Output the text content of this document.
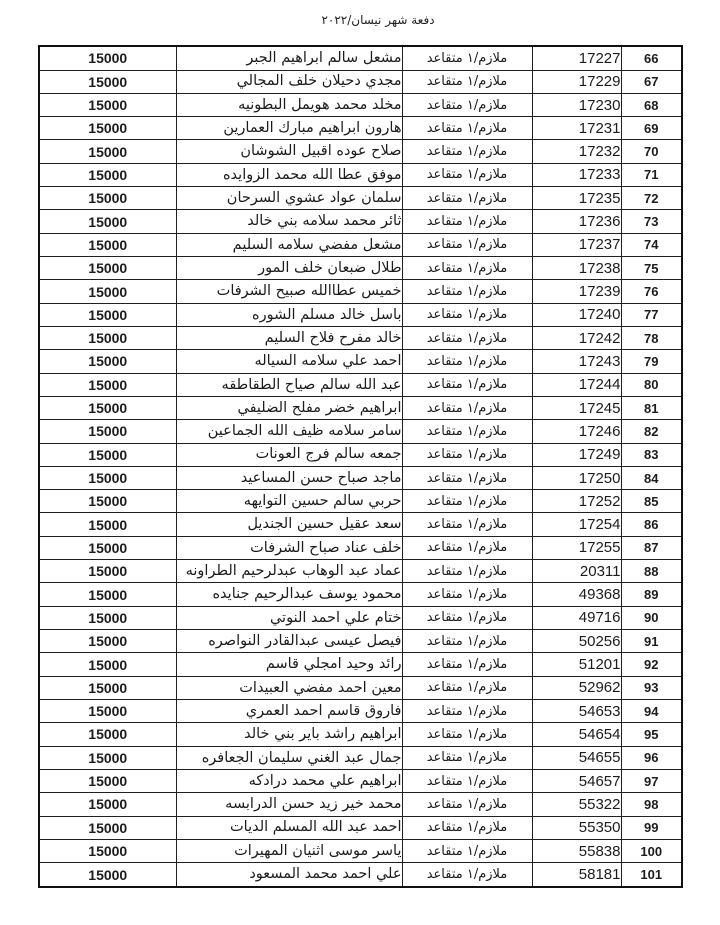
دفعة شهر نيسان/٢٠٢٢
15000	مشعل سالم ابراهيم الجبر	ملازم/١ متقاعد	17227	66
15000	مجدي دحيلان خلف المجالي	ملازم/١ متقاعد	17229	67
15000	مخلد محمد هويمل البطونيه	ملازم/١ متقاعد	17230	68
15000	هارون ابراهيم مبارك العمارين	ملازم/١ متقاعد	17231	69
15000	صلاح عوده اقبيل الشوشان	ملازم/١ متقاعد	17232	70
15000	موفق عطا الله محمد الزوايده	ملازم/١ متقاعد	17233	71
15000	سلمان عواد عشوي السرحان	ملازم/١ متقاعد	17235	72
15000	ثائر محمد سلامه بني خالد	ملازم/١ متقاعد	17236	73
15000	مشعل مفضي سلامه السليم	ملازم/١ متقاعد	17237	74
15000	طلال ضبعان خلف المور	ملازم/١ متقاعد	17238	75
15000	خميس عطاالله صبيح الشرفات	ملازم/١ متقاعد	17239	76
15000	باسل خالد مسلم الشوره	ملازم/١ متقاعد	17240	77
15000	خالد مفرح فلاح السليم	ملازم/١ متقاعد	17242	78
15000	احمد علي سلامه السياله	ملازم/١ متقاعد	17243	79
15000	عبد الله سالم صياح الطقاطقه	ملازم/١ متقاعد	17244	80
15000	ابراهيم خضر مفلح الضليفي	ملازم/١ متقاعد	17245	81
15000	سامر سلامه ظيف الله الجماعين	ملازم/١ متقاعد	17246	82
15000	جمعه سالم فرج العونات	ملازم/١ متقاعد	17249	83
15000	ماجد صباح حسن المساعيد	ملازم/١ متقاعد	17250	84
15000	حربي سالم حسين التوايهه	ملازم/١ متقاعد	17252	85
15000	سعد عقيل حسين الجنديل	ملازم/١ متقاعد	17254	86
15000	خلف عناد صباح الشرفات	ملازم/١ متقاعد	17255	87
15000	عماد عبد الوهاب عبدلرحيم الطراونه	ملازم/١ متقاعد	20311	88
15000	محمود يوسف عبدالرحيم جنايده	ملازم/١ متقاعد	49368	89
15000	ختام علي احمد النوتي	ملازم/١ متقاعد	49716	90
15000	فيصل عيسى عبدالقادر النواصره	ملازم/١ متقاعد	50256	91
15000	رائد وحيد امجلي قاسم	ملازم/١ متقاعد	51201	92
15000	معين احمد مفضي العبيدات	ملازم/١ متقاعد	52962	93
15000	فاروق قاسم احمد العمري	ملازم/١ متقاعد	54653	94
15000	ابراهيم راشد باير بني خالد	ملازم/١ متقاعد	54654	95
15000	جمال عبد الغني سليمان الجعافره	ملازم/١ متقاعد	54655	96
15000	ابراهيم علي محمد درادكه	ملازم/١ متقاعد	54657	97
15000	محمد خير زيد حسن الدرابسه	ملازم/١ متقاعد	55322	98
15000	احمد عبد الله المسلم الديات	ملازم/١ متقاعد	55350	99
15000	ياسر موسى اثنيان المهيرات	ملازم/١ متقاعد	55838	100
15000	علي احمد محمد المسعود	ملازم/١ متقاعد	58181	101
